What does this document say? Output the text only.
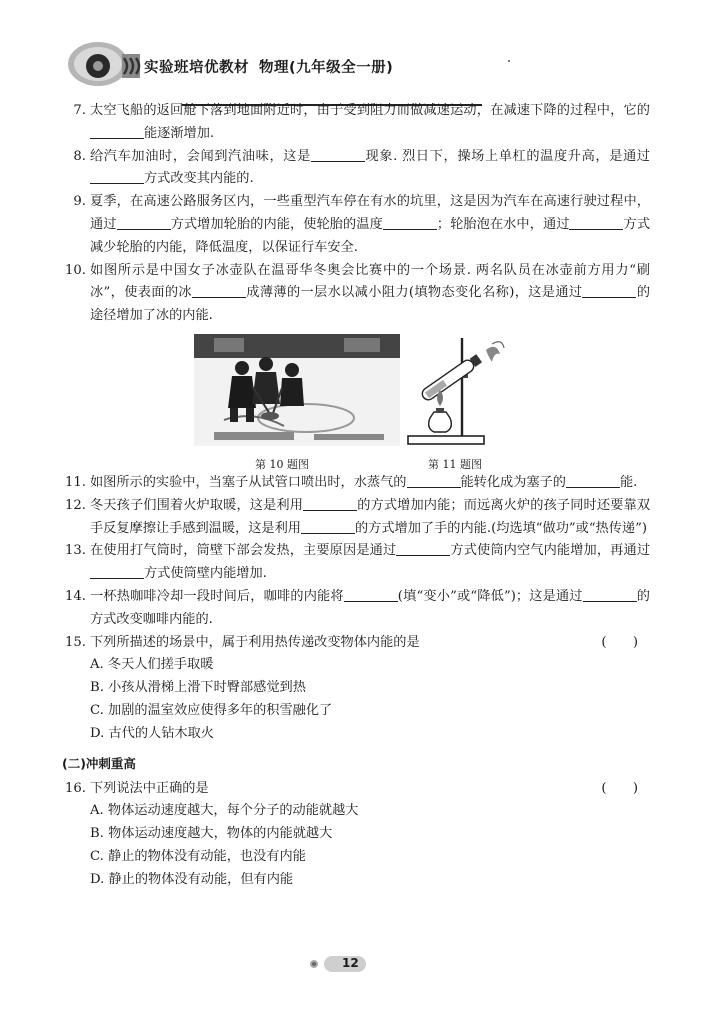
实验班培优教材 物理(九年级全一册)
7. 太空飞船的返回舱下落到地面附近时，由于受到阻力而做减速运动，在减速下降的过程中，它的能逐渐增加.
8. 给汽车加油时，会闻到汽油味，这是	现象. 烈日下，操场上单杠的温度升高，是通过方式改变其内能的.
9. 夏季，在高速公路服务区内，一些重型汽车停在有水的坑里，这是因为汽车在高速行驶过程中，通过	方式增加轮胎的内能，使轮胎的温度	；轮胎泡在水中，通过	方式减少轮胎的内能，降低温度，以保证行车安全.
10. 如图所示是中国女子冰壶队在温哥华冬奥会比赛中的一个场景. 两名队员在冰壶前方用力“刷冰”，使表面的冰	成薄薄的一层水以减小阻力(填物态变化名称)，这是通过	的途径增加了冰的内能.
第 10 题图	第 11 题图
11. 如图所示的实验中，当塞子从试管口喷出时，水蒸气的	能转化成为塞子的	能.
12. 冬天孩子们围着火炉取暖，这是利用	的方式增加内能；而远离火炉的孩子同时还要靠双手反复摩擦让手感到温暖，这是利用	的方式增加了手的内能.(均选填“做功”或“热传递”)
13. 在使用打气筒时，筒壁下部会发热，主要原因是通过	方式使筒内空气内能增加，再通过方式使筒壁内能增加.
14. 一杯热咖啡冷却一段时间后，咖啡的内能将	(填“变小”或“降低”)；这是通过	的方式改变咖啡内能的.
15. 下列所描述的场景中，属于利用热传递改变物体内能的是	(　　)
A. 冬天人们搓手取暖
B. 小孩从滑梯上滑下时臀部感觉到热
C. 加剧的温室效应使得多年的积雪融化了
D. 古代的人钻木取火
(二)冲刺重高
16. 下列说法中正确的是	(　　)
A. 物体运动速度越大，每个分子的动能就越大
B. 物体运动速度越大，物体的内能就越大
C. 静止的物体没有动能，也没有内能
D. 静止的物体没有动能，但有内能
12
